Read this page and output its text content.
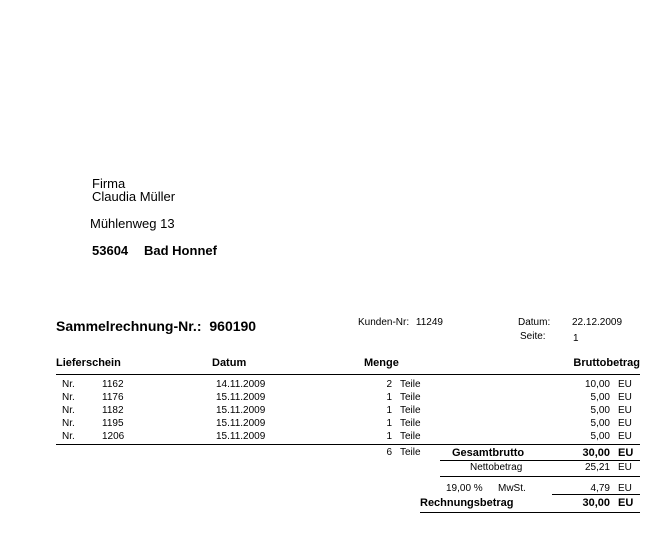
Firma
Claudia Müller
Mühlenweg 13
53604 Bad Honnef
Sammelrechnung-Nr.: 960190	Kunden-Nr: 11249	Datum: 22.12.2009
Seite:	1
Lieferschein	Datum	Menge	Bruttobetrag
Nr.	1162	14.11.2009	2 Teile	10,00 EU
Nr.	1176	15.11.2009	1 Teile	5,00 EU
Nr.	1182	15.11.2009	1 Teile	5,00 EU
Nr.	1195	15.11.2009	1 Teile	5,00 EU
Nr.	1206	15.11.2009	1 Teile	5,00 EU
6 Teile	Gesamtbrutto	30,00 EU
Nettobetrag	25,21 EU
19,00 % MwSt.	4,79 EU
Rechnungsbetrag	30,00 EU
